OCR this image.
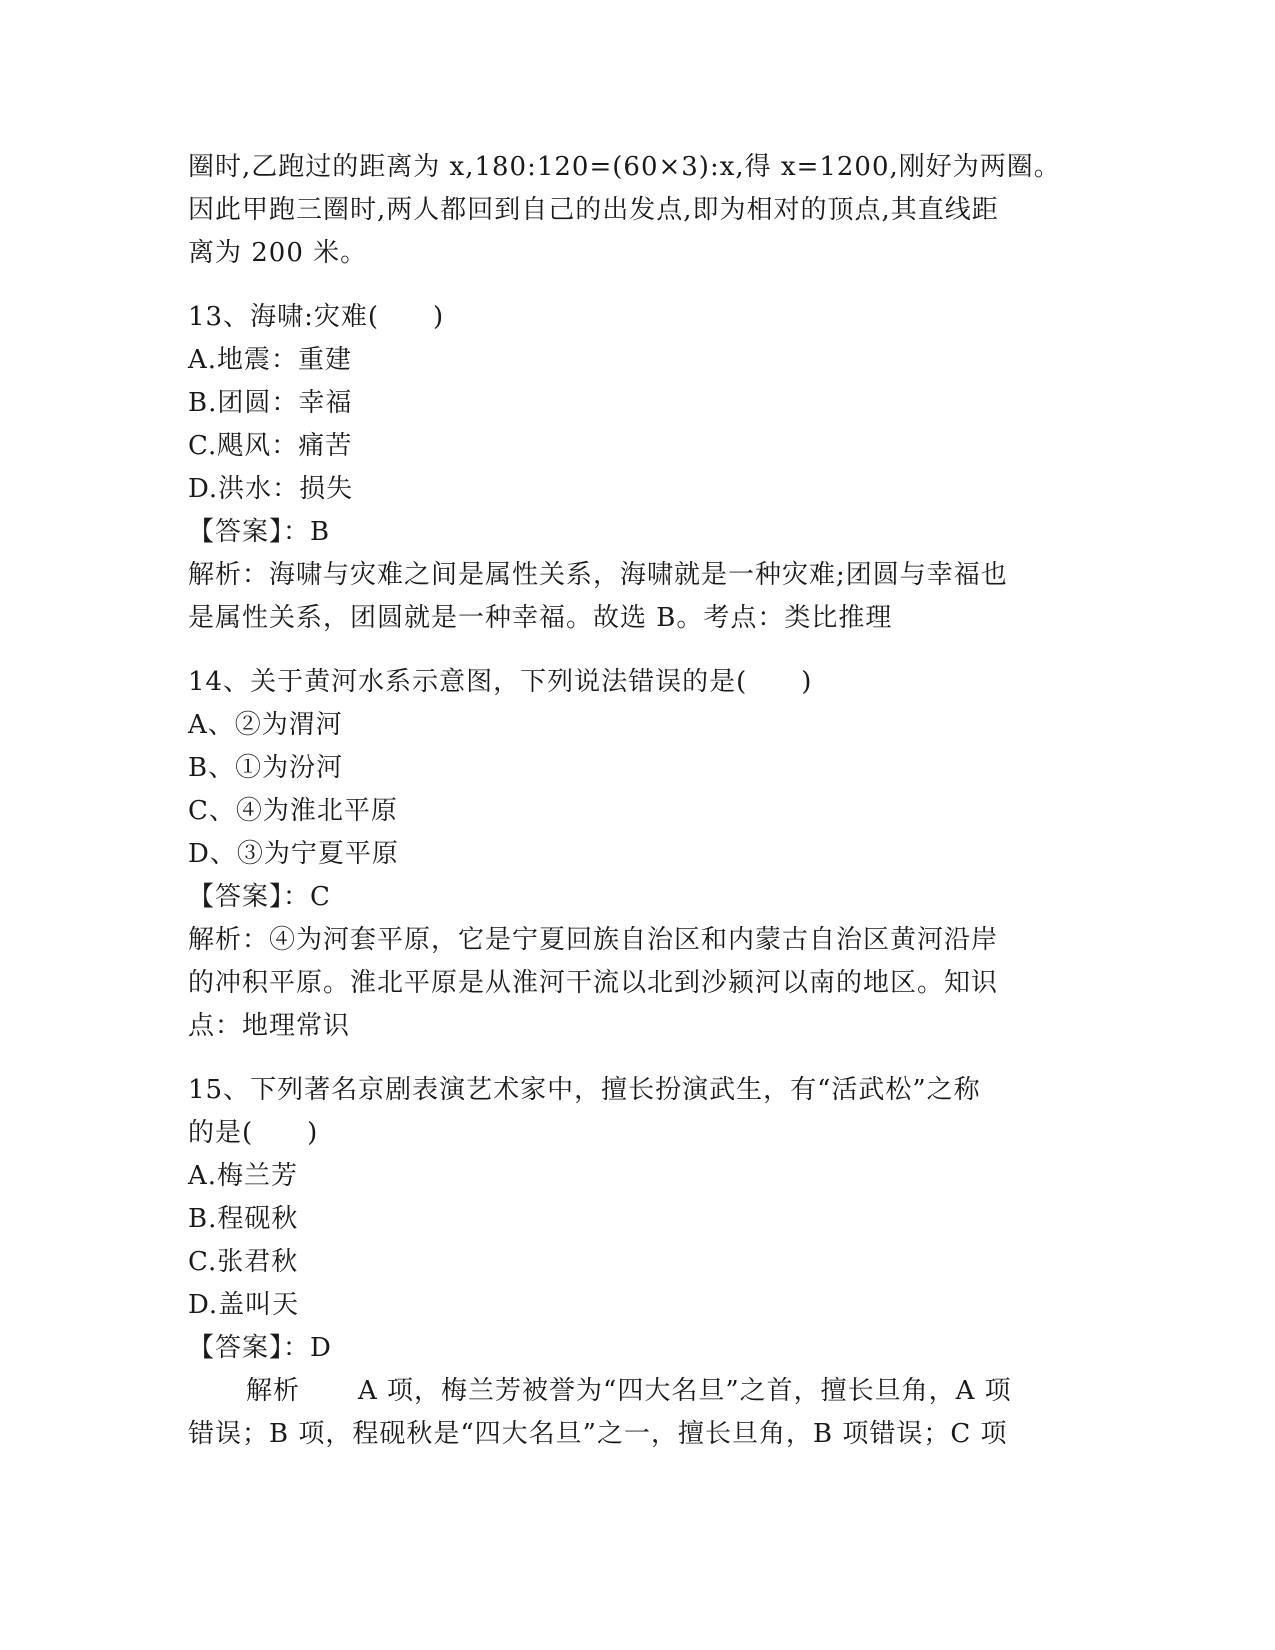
圈时,乙跑过的距离为 x,180:120=(60×3):x,得 x=1200,刚好为两圈。
因此甲跑三圈时,两人都回到自己的出发点,即为相对的顶点,其直线距
离为 200 米。
13、海啸:灾难(　　)
A.地震：重建
B.团圆：幸福
C.飓风：痛苦
D.洪水：损失
【答案】：B
解析：海啸与灾难之间是属性关系，海啸就是一种灾难;团圆与幸福也
是属性关系，团圆就是一种幸福。故选 B。考点：类比推理
14、关于黄河水系示意图，下列说法错误的是(　　)
A、②为渭河
B、①为汾河
C、④为淮北平原
D、③为宁夏平原
【答案】：C
解析：④为河套平原，它是宁夏回族自治区和内蒙古自治区黄河沿岸
的冲积平原。淮北平原是从淮河干流以北到沙颍河以南的地区。知识
点：地理常识
15、下列著名京剧表演艺术家中，擅长扮演武生，有“活武松”之称
的是(　　)
A.梅兰芳
B.程砚秋
C.张君秋
D.盖叫天
【答案】：D
解析 A 项，梅兰芳被誉为“四大名旦”之首，擅长旦角，A 项
错误；B 项，程砚秋是“四大名旦”之一，擅长旦角，B 项错误；C 项
